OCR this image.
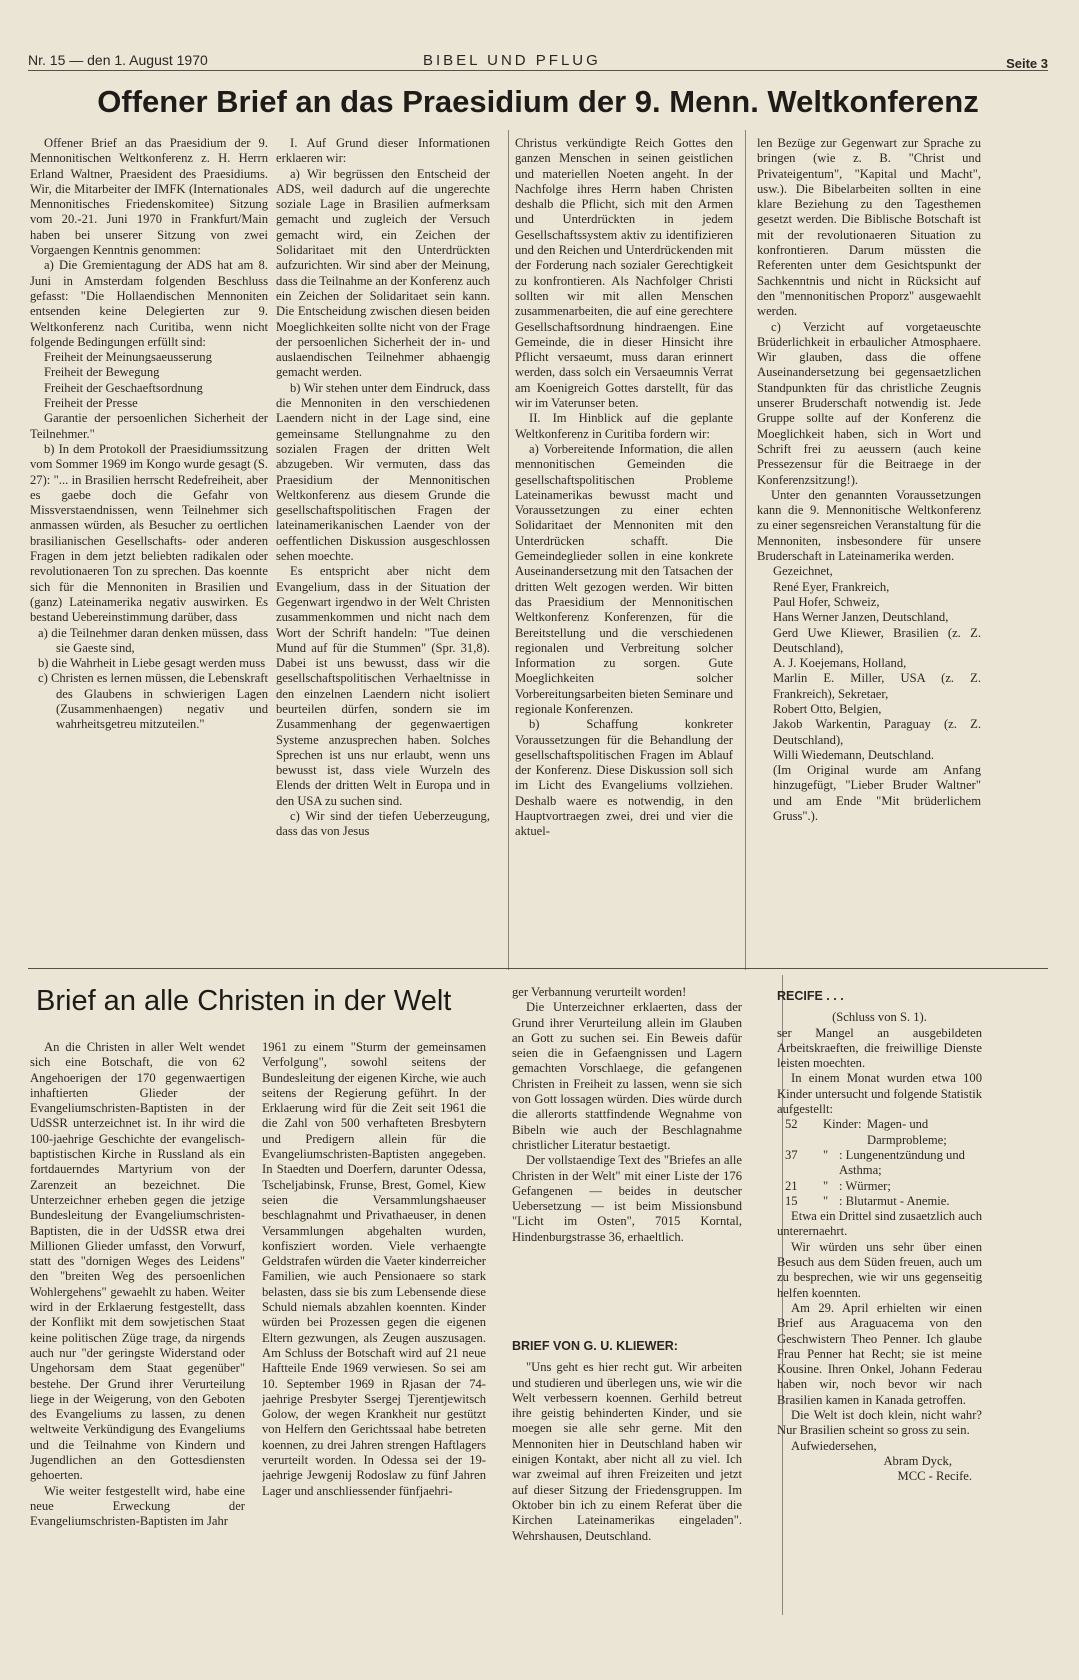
Nr. 15 — den 1. August 1970	BIBEL UND PFLUG	Seite 3
Offener Brief an das Praesidium der 9. Menn. Weltkonferenz

Offener Brief an das Praesidium der 9. Mennonitischen Weltkonferenz z. H. Herrn Erland Waltner, Praesident des Praesidiums. Wir, die Mitarbeiter der IMFK (Internationales Mennonitisches Friedenskomitee) Sitzung vom 20.-21. Juni 1970 in Frankfurt/Main haben bei unserer Sitzung von zwei Vorgaengen Kenntnis genommen:

a) Die Gremientagung der ADS hat am 8. Juni in Amsterdam folgenden Beschluss gefasst: "Die Hollaendischen Mennoniten entsenden keine Delegierten zur 9. Weltkonferenz nach Curitiba, wenn nicht folgende Bedingungen erfüllt sind:

Freiheit der Meinungsaeusserung

Freiheit der Bewegung

Freiheit der Geschaeftsordnung

Freiheit der Presse

Garantie der persoenlichen Sicherheit der Teilnehmer."

b) In dem Protokoll der Praesidiumssitzung vom Sommer 1969 im Kongo wurde gesagt (S. 27): "... in Brasilien herrscht Redefreiheit, aber es gaebe doch die Gefahr von Missverstaendnissen, wenn Teilnehmer sich anmassen würden, als Besucher zu oertlichen brasilianischen Gesellschafts- oder anderen Fragen in dem jetzt beliebten radikalen oder revolutionaeren Ton zu sprechen. Das koennte sich für die Mennoniten in Brasilien und (ganz) Lateinamerika negativ auswirken. Es bestand Uebereinstimmung darüber, dass

a) die Teilnehmer daran denken müssen, dass sie Gaeste sind,

b) die Wahrheit in Liebe gesagt werden muss

c) Christen es lernen müssen, die Lebenskraft des Glaubens in schwierigen Lagen (Zusammenhaengen) negativ und wahrheitsgetreu mitzuteilen."

I. Auf Grund dieser Informationen erklaeren wir:

a) Wir begrüssen den Entscheid der ADS, weil dadurch auf die ungerechte soziale Lage in Brasilien aufmerksam gemacht und zugleich der Versuch gemacht wird, ein Zeichen der Solidaritaet mit den Unterdrückten aufzurichten. Wir sind aber der Meinung, dass die Teilnahme an der Konferenz auch ein Zeichen der Solidaritaet sein kann. Die Entscheidung zwischen diesen beiden Moeglichkeiten sollte nicht von der Frage der persoenlichen Sicherheit der in- und auslaendischen Teilnehmer abhaengig gemacht werden.

b) Wir stehen unter dem Eindruck, dass die Mennoniten in den verschiedenen Laendern nicht in der Lage sind, eine gemeinsame Stellungnahme zu den sozialen Fragen der dritten Welt abzugeben. Wir vermuten, dass das Praesidium der Mennonitischen Weltkonferenz aus diesem Grunde die gesellschaftspolitischen Fragen der lateinamerikanischen Laender von der oeffentlichen Diskussion ausgeschlossen sehen moechte.

Es entspricht aber nicht dem Evangelium, dass in der Situation der Gegenwart irgendwo in der Welt Christen zusammenkommen und nicht nach dem Wort der Schrift handeln: "Tue deinen Mund auf für die Stummen" (Spr. 31,8). Dabei ist uns bewusst, dass wir die gesellschaftspolitischen Verhaeltnisse in den einzelnen Laendern nicht isoliert beurteilen dürfen, sondern sie im Zusammenhang der gegenwaertigen Systeme anzusprechen haben. Solches Sprechen ist uns nur erlaubt, wenn uns bewusst ist, dass viele Wurzeln des Elends der dritten Welt in Europa und in den USA zu suchen sind.

c) Wir sind der tiefen Ueberzeugung, dass das von Jesus

Christus verkündigte Reich Gottes den ganzen Menschen in seinen geistlichen und materiellen Noeten angeht. In der Nachfolge ihres Herrn haben Christen deshalb die Pflicht, sich mit den Armen und Unterdrückten in jedem Gesellschaftssystem aktiv zu identifizieren und den Reichen und Unterdrückenden mit der Forderung nach sozialer Gerechtigkeit zu konfrontieren. Als Nachfolger Christi sollten wir mit allen Menschen zusammenarbeiten, die auf eine gerechtere Gesellschaftsordnung hindraengen. Eine Gemeinde, die in dieser Hinsicht ihre Pflicht versaeumt, muss daran erinnert werden, dass solch ein Versaeumnis Verrat am Koenigreich Gottes darstellt, für das wir im Vaterunser beten.

II. Im Hinblick auf die geplante Weltkonferenz in Curitiba fordern wir:

a) Vorbereitende Information, die allen mennonitischen Gemeinden die gesellschaftspolitischen Probleme Lateinamerikas bewusst macht und Voraussetzungen zu einer echten Solidaritaet der Mennoniten mit den Unterdrücken schafft. Die Gemeindeglieder sollen in eine konkrete Auseinandersetzung mit den Tatsachen der dritten Welt gezogen werden. Wir bitten das Praesidium der Mennonitischen Weltkonferenz Konferenzen, für die Bereitstellung und die verschiedenen regionalen und Verbreitung solcher Information zu sorgen. Gute Moeglichkeiten solcher Vorbereitungsarbeiten bieten Seminare und regionale Konferenzen.

b) Schaffung konkreter Voraussetzungen für die Behandlung der gesellschaftspolitischen Fragen im Ablauf der Konferenz. Diese Diskussion soll sich im Licht des Evangeliums vollziehen. Deshalb waere es notwendig, in den Hauptvortraegen zwei, drei und vier die aktuel-

len Bezüge zur Gegenwart zur Sprache zu bringen (wie z. B. "Christ und Privateigentum", "Kapital und Macht", usw.). Die Bibelarbeiten sollten in eine klare Beziehung zu den Tagesthemen gesetzt werden. Die Biblische Botschaft ist mit der revolutionaeren Situation zu konfrontieren. Darum müssten die Referenten unter dem Gesichtspunkt der Sachkenntnis und nicht in Rücksicht auf den "mennonitischen Proporz" ausgewaehlt werden.

c) Verzicht auf vorgetaeuschte Brüderlichkeit in erbaulicher Atmosphaere. Wir glauben, dass die offene Auseinandersetzung bei gegensaetzlichen Standpunkten für das christliche Zeugnis unserer Bruderschaft notwendig ist. Jede Gruppe sollte auf der Konferenz die Moeglichkeit haben, sich in Wort und Schrift frei zu aeussern (auch keine Pressezensur für die Beitraege in der Konferenzsitzung!).

Unter den genannten Voraussetzungen kann die 9. Mennonitische Weltkonferenz zu einer segensreichen Veranstaltung für die Mennoniten, insbesondere für unsere Bruderschaft in Lateinamerika werden.

Gezeichnet,

René Eyer, Frankreich,

Paul Hofer, Schweiz,

Hans Werner Janzen, Deutschland,

Gerd Uwe Kliewer, Brasilien (z. Z. Deutschland),

A. J. Koejemans, Holland,

Marlin E. Miller, USA (z. Z. Frankreich), Sekretaer,

Robert Otto, Belgien,

Jakob Warkentin, Paraguay (z. Z. Deutschland),

Willi Wiedemann, Deutschland.

(Im Original wurde am Anfang hinzugefügt, "Lieber Bruder Waltner" und am Ende "Mit brüderlichem Gruss".).

Brief an alle Christen in der Welt

An die Christen in aller Welt wendet sich eine Botschaft, die von 62 Angehoerigen der 170 gegenwaertigen inhaftierten Glieder der Evangeliumschristen-Baptisten in der UdSSR unterzeichnet ist. In ihr wird die 100-jaehrige Geschichte der evangelisch-baptistischen Kirche in Russland als ein fortdauerndes Martyrium von der Zarenzeit an bezeichnet. Die Unterzeichner erheben gegen die jetzige Bundesleitung der Evangeliumschristen-Baptisten, die in der UdSSR etwa drei Millionen Glieder umfasst, den Vorwurf, statt des "dornigen Weges des Leidens" den "breiten Weg des persoenlichen Wohlergehens" gewaehlt zu haben. Weiter wird in der Erklaerung festgestellt, dass der Konflikt mit dem sowjetischen Staat keine politischen Züge trage, da nirgends auch nur "der geringste Widerstand oder Ungehorsam dem Staat gegenüber" bestehe. Der Grund ihrer Verurteilung liege in der Weigerung, von den Geboten des Evangeliums zu lassen, zu denen weltweite Verkündigung des Evangeliums und die Teilnahme von Kindern und Jugendlichen an den Gottesdiensten gehoerten.

Wie weiter festgestellt wird, habe eine neue Erweckung der Evangeliumschristen-Baptisten im Jahr

1961 zu einem "Sturm der gemeinsamen Verfolgung", sowohl seitens der Bundesleitung der eigenen Kirche, wie auch seitens der Regierung geführt. In der Erklaerung wird für die Zeit seit 1961 die die Zahl von 500 verhafteten Bresbytern und Predigern allein für die Evangeliumschristen-Baptisten angegeben. In Staedten und Doerfern, darunter Odessa, Tscheljabinsk, Frunse, Brest, Gomel, Kiew seien die Versammlungshaeuser beschlagnahmt und Privathaeuser, in denen Versammlungen abgehalten wurden, konfisziert worden. Viele verhaengte Geldstrafen würden die Vaeter kinderreicher Familien, wie auch Pensionaere so stark belasten, dass sie bis zum Lebensende diese Schuld niemals abzahlen koennten. Kinder würden bei Prozessen gegen die eigenen Eltern gezwungen, als Zeugen auszusagen. Am Schluss der Botschaft wird auf 21 neue Haftteile Ende 1969 verwiesen. So sei am 10. September 1969 in Rjasan der 74-jaehrige Presbyter Ssergej Tjerentjewitsch Golow, der wegen Krankheit nur gestützt von Helfern den Gerichtssaal habe betreten koennen, zu drei Jahren strengen Haftlagers verurteilt worden. In Odessa sei der 19-jaehrige Jewgenij Rodoslaw zu fünf Jahren Lager und anschliessender fünfjaehri-

ger Verbannung verurteilt worden!

Die Unterzeichner erklaerten, dass der Grund ihrer Verurteilung allein im Glauben an Gott zu suchen sei. Ein Beweis dafür seien die in Gefaengnissen und Lagern gemachten Vorschlaege, die gefangenen Christen in Freiheit zu lassen, wenn sie sich von Gott lossagen würden. Dies würde durch die allerorts stattfindende Wegnahme von Bibeln wie auch der Beschlagnahme christlicher Literatur bestaetigt.

Der vollstaendige Text des "Briefes an alle Christen in der Welt" mit einer Liste der 176 Gefangenen — beides in deutscher Uebersetzung — ist beim Missionsbund "Licht im Osten", 7015 Korntal, Hindenburgstrasse 36, erhaeltlich.

BRIEF VON G. U. KLIEWER:

"Uns geht es hier recht gut. Wir arbeiten und studieren und überlegen uns, wie wir die Welt verbessern koennen. Gerhild betreut ihre geistig behinderten Kinder, und sie moegen sie alle sehr gerne. Mit den Mennoniten hier in Deutschland haben wir einigen Kontakt, aber nicht all zu viel. Ich war zweimal auf ihren Freizeiten und jetzt auf dieser Sitzung der Friedensgruppen. Im Oktober bin ich zu einem Referat über die Kirchen Lateinamerikas eingeladen". Wehrshausen, Deutschland.

RECIFE . . .

(Schluss von S. 1).

ser Mangel an ausgebildeten Arbeitskraeften, die freiwillige Dienste leisten moechten.

In einem Monat wurden etwa 100 Kinder untersucht und folgende Statistik aufgestellt:

52	Kinder: Magen- und Darmprobleme;
37	" : Lungenentzündung und Asthma;
21	" : Würmer;
15	" : Blutarmut - Anemie.

Etwa ein Drittel sind zusaetzlich auch unterernaehrt.

Wir würden uns sehr über einen Besuch aus dem Süden freuen, auch um zu besprechen, wie wir uns gegenseitig helfen koennten.

Am 29. April erhielten wir einen Brief aus Araguacema von den Geschwistern Theo Penner. Ich glaube Frau Penner hat Recht; sie ist meine Kousine. Ihren Onkel, Johann Federau haben wir, noch bevor wir nach Brasilien kamen in Kanada getroffen.

Die Welt ist doch klein, nicht wahr? Nur Brasilien scheint so gross zu sein.

Aufwiedersehen,

Abram Dyck,

MCC - Recife.
